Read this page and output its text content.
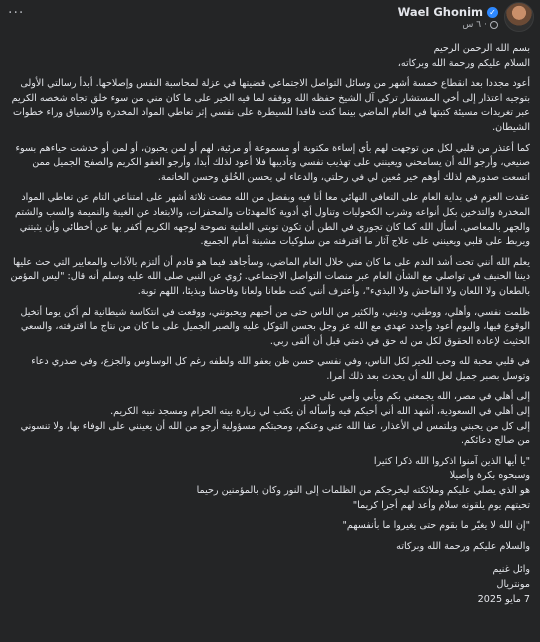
Wael Ghonim ✓
٦ س ·
···

بسم الله الرحمن الرحيم

السلام عليكم ورحمة الله وبركاته،

أعود مجددا بعد انقطاع خمسة أشهر من وسائل التواصل الاجتماعي قضيتها في عزلة لمحاسبة النفس وإصلاحها. أبدأ رسالتي الأولى بتوجيه اعتذار إلى أخي المستشار تركي آل الشيخ حفظه الله ووفقه لما فيه الخير على ما كان مني من سوء خلق تجاه شخصه الكريم عبر تغريدات مسيئة كتبتها في العام الماضي بينما كنت فاقدا للسيطرة على نفسي إثر تعاطي المواد المخدرة والانسياق وراء خطوات الشيطان.

كما أعتذر من قلبي لكل من توجهت لهم بأي إساءة مكتوبة أو مسموعة أو مرئية، لهم أو لمن يحبون، أو لمن أو خدشت حياءهم بسوء صنيعي، وأرجو الله أن يسامحني ويعينني على تهذيب نفسي وتأديبها فلا أعود لذلك أبدا، وأرجو العفو الكريم والصفح الجميل ممن اتسعت صدورهم لذلك أوهم خير مُعين لي في رحلتي، والدعاء لي بحسن الخُلق وحسن الخاتمة.

عقدت العزم في بداية العام على التعافي النهائي معا أنا فيه وبفضل من الله مضت ثلاثة أشهر على امتناعي التام عن تعاطي المواد المخدرة والتدخين بكل أنواعه وشرب الكحوليات وتناول أي أدوية كالمهدئات والمحفزات، والابتعاد عن الغيبة والنميمة والسب والشتم والجهر بالمعاصي. أسأل الله كما كان تجوري في الطن أن تكون توبتي العلنية نصوحة لوجهه الكريم أكفر بها عن أخطائي وأن يثبتني ويربط على قلبي ويعينني على علاج آثار ما اقترفته من سلوكيات مشينة أمام الجميع.

يعلم الله أنني تحت أشد الندم على ما كان مني خلال العام الماضي، وسأجاهد فيما هو قادم أن ألتزم بالآداب والمعايير التي حث عليها ديننا الحنيف في تواصلي مع الشأن العام عبر منصات التواصل الاجتماعي. رُوي عن النبي صلى الله عليه وسلم أنه قال: "ليس المؤمن بالطعان ولا اللعان ولا الفاحش ولا البذيء"، وأعترف أنني كنت طعانا ولعانا وفاحشا وبذيئا، اللهم توبة.

ظلمت نفسي، وأهلي، ووطني، وديني، والكثير من الناس حتى من أحبهم ويحبونني، ووقعت في انتكاسة شيطانية لم أكن يوما أتخيل الوقوع فيها، واليوم أعود وأجدد عهدي مع الله عز وجل بحسن التوكل عليه والصبر الجميل على ما كان من نتاج ما اقترفته، والسعي الحثيث لإعادة الحقوق لكل من له حق في ذمتي قبل أن ألقى ربي.

في قلبي محبة لله وحب للخير لكل الناس، وفي نفسي حسن ظن بعفو الله ولطفه رغم كل الوساوس والجزع، وفي صدري دعاء وتوسل بصبر جميل لعل الله أن يحدث بعد ذلك أمرا.

إلى أهلي في مصر، الله يجمعني بكم وبأبي وأمي على خير.

إلى أهلي في السعودية، أشهد الله أني أحبكم فيه وأسأله أن يكتب لي زيارة بيته الحرام ومسجد نبيه الكريم.

إلى كل من يحبني ويلتمس لي الأعذار، عفا الله عني وعنكم، ومحبتكم مسؤولية أرجو من الله أن يعينني على الوفاء بها، ولا تنسوني من صالح دعائكم.

"يا أيها الذين آمنوا اذكروا الله ذكرا كثيرا

وسبحوه بكرة وأصيلا

هو الذي يصلي عليكم وملائكته ليخرجكم من الظلمات إلى النور وكان بالمؤمنين رحيما

تحيتهم يوم يلقونه سلام وأعد لهم أجرا كريما"

"إن الله لا يغيّر ما بقوم حتى يغيروا ما بأنفسهم"

والسلام عليكم ورحمة الله وبركاته

وائل غنيم

مونتريال

7 مايو 2025
